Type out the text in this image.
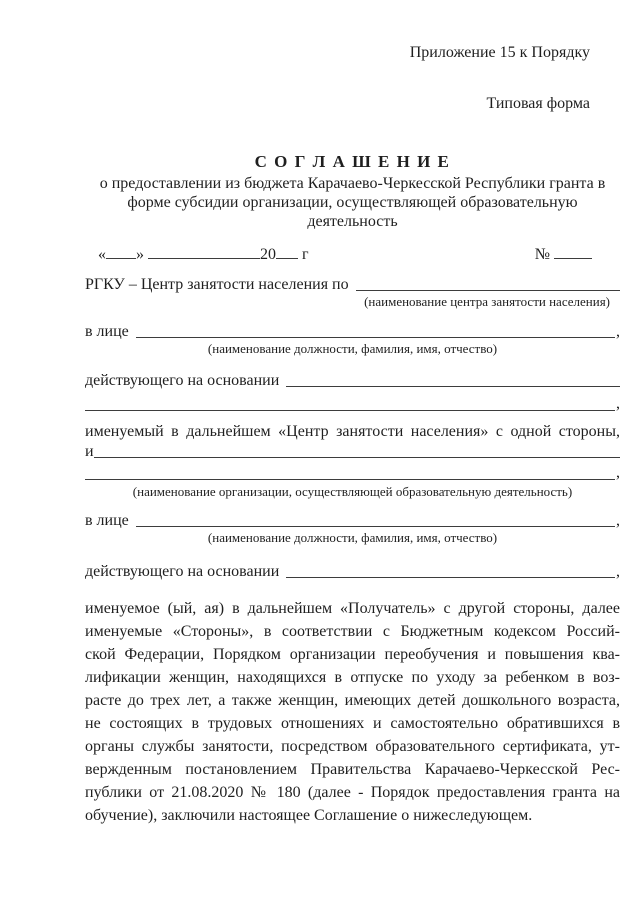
Приложение 15 к Порядку
Типовая форма
С О Г Л А Ш Е Н И Е
о предоставлении из бюджета Карачаево-Черкесской Республики гранта в форме субсидии организации, осуществляющей образовательную деятельность
« »	20 г	№
РГКУ – Центр занятости населения по
(наименование центра занятости населения)
в лице	,
(наименование должности, фамилия, имя, отчество)
действующего на основании
,
именуемый в дальнейшем «Центр занятости населения» с одной стороны,
и
,
(наименование организации, осуществляющей образовательную деятельность)
в лице	,
(наименование должности, фамилия, имя, отчество)
действующего на основании	,
именуемое (ый, ая) в дальнейшем «Получатель» с другой стороны, далее
именуемые «Стороны», в соответствии с Бюджетным кодексом Россий-
ской Федерации, Порядком организации переобучения и повышения ква-
лификации женщин, находящихся в отпуске по уходу за ребенком в воз-
расте до трех лет, а также женщин, имеющих детей дошкольного возраста,
не состоящих в трудовых отношениях и самостоятельно обратившихся в
органы службы занятости, посредством образовательного сертификата, ут-
вержденным постановлением Правительства Карачаево-Черкесской Рес-
публики от 21.08.2020 № 180 (далее - Порядок предоставления гранта на
обучение), заключили настоящее Соглашение о нижеследующем.
